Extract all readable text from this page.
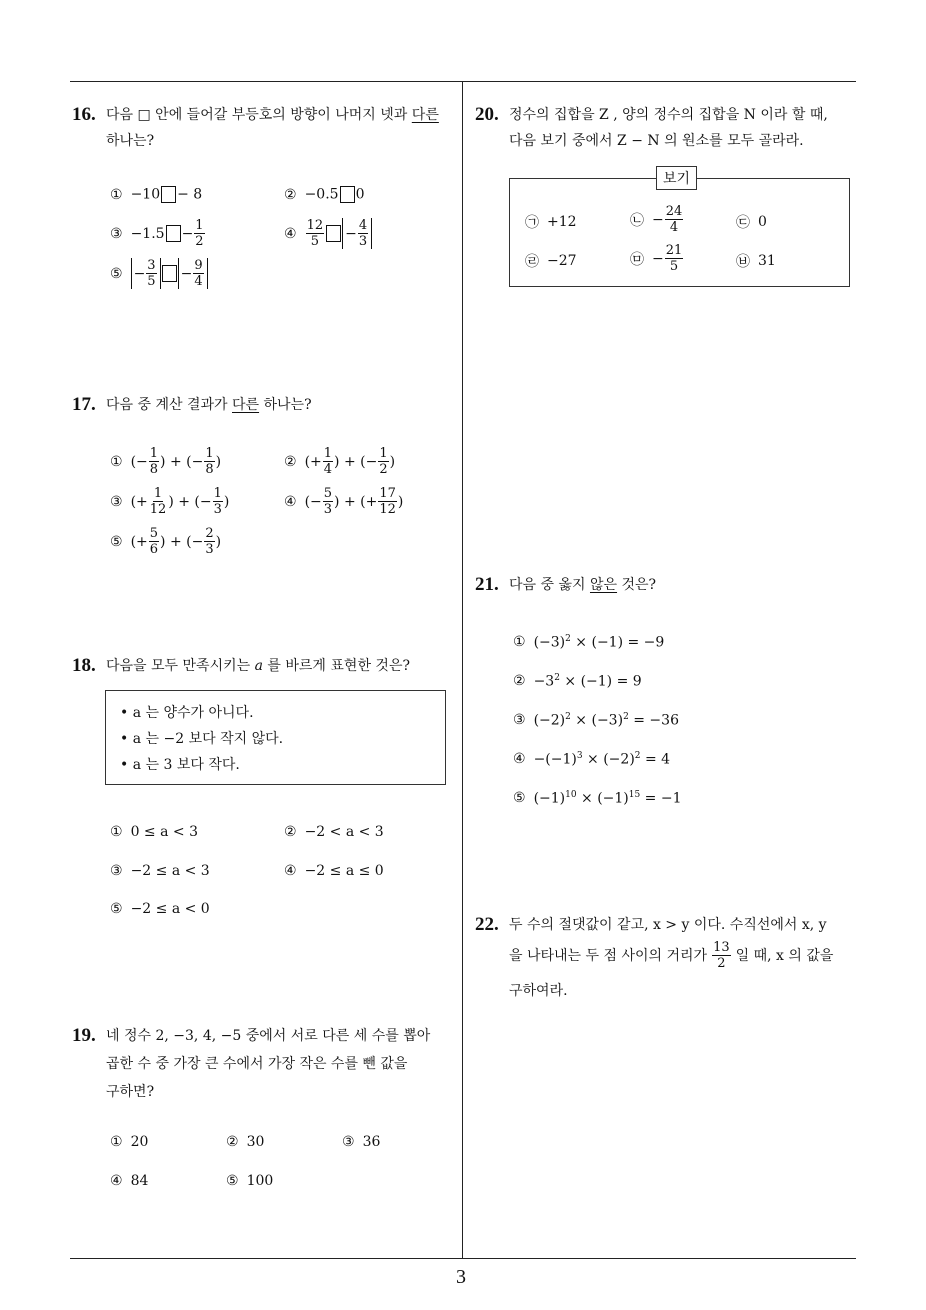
3
16. 다음 □ 안에 들어갈 부등호의 방향이 나머지 넷과 다른
하나는?
① −10 − 8	② −0.5 0
③ $-1.5 - \frac{1}{2}$	④ $\frac{12}{5} - \frac{4}{3}$
⑤ − $\frac{3}{5} - \frac{9}{4}$
17. 다음 중 계산 결과가 다른 하나는?
① (− $\frac{1}{8}$ ) + (− $\frac{1}{8}$ )	② (+ $\frac{1}{4}$ ) + (− $\frac{1}{2}$ )
③ (+ $\frac{1}{12}$ ) + (− $\frac{1}{3}$ )	④ (− $\frac{5}{3}$ ) + (+ $\frac{17}{12}$ )
⑤ (+ $\frac{5}{6}$ ) + (− $\frac{2}{3}$ )
18. 다음을 모두 만족시키는 a 를 바르게 표현한 것은?
• a 는 양수가 아니다.
• a 는 −2 보다 작지 않다.
• a 는 3 보다 작다.
① 0 ≤ a < 3	② −2 < a < 3
③ −2 ≤ a < 3	④ −2 ≤ a ≤ 0
⑤ −2 ≤ a < 0
19. 네 정수 2, −3, 4, −5 중에서 서로 다른 세 수를 뽑아
곱한 수 중 가장 큰 수에서 가장 작은 수를 뺀 값을
구하면?
① 20	② 30	③ 36
④ 84	⑤ 100
20. 정수의 집합을 Z , 양의 정수의 집합을 N 이라 할 때,
다음 보기 중에서 Z − N 의 원소를 모두 골라라.
보기
㉠ +12	㉡ − $\frac{24}{4}$	㉢ 0
㉣ −27	㉤ − $\frac{21}{5}$	㉥ 31
21. 다음 중 옳지 않은 것은?
① $(-3)^2 \times (-1) = -9$
② $-3^2 \times (-1) = 9$
③ $(-2)^2 \times (-3)^2 = -36$
④ $-(-1)^3 \times (-2)^2 = 4$
⑤ $(-1)^{10} \times (-1)^{15} = -1$
22. 두 수의 절댓값이 같고, x > y 이다. 수직선에서 x, y
을 나타내는 두 점 사이의 거리가 $\frac{13}{2}$ 일 때, x 의 값을
구하여라.
